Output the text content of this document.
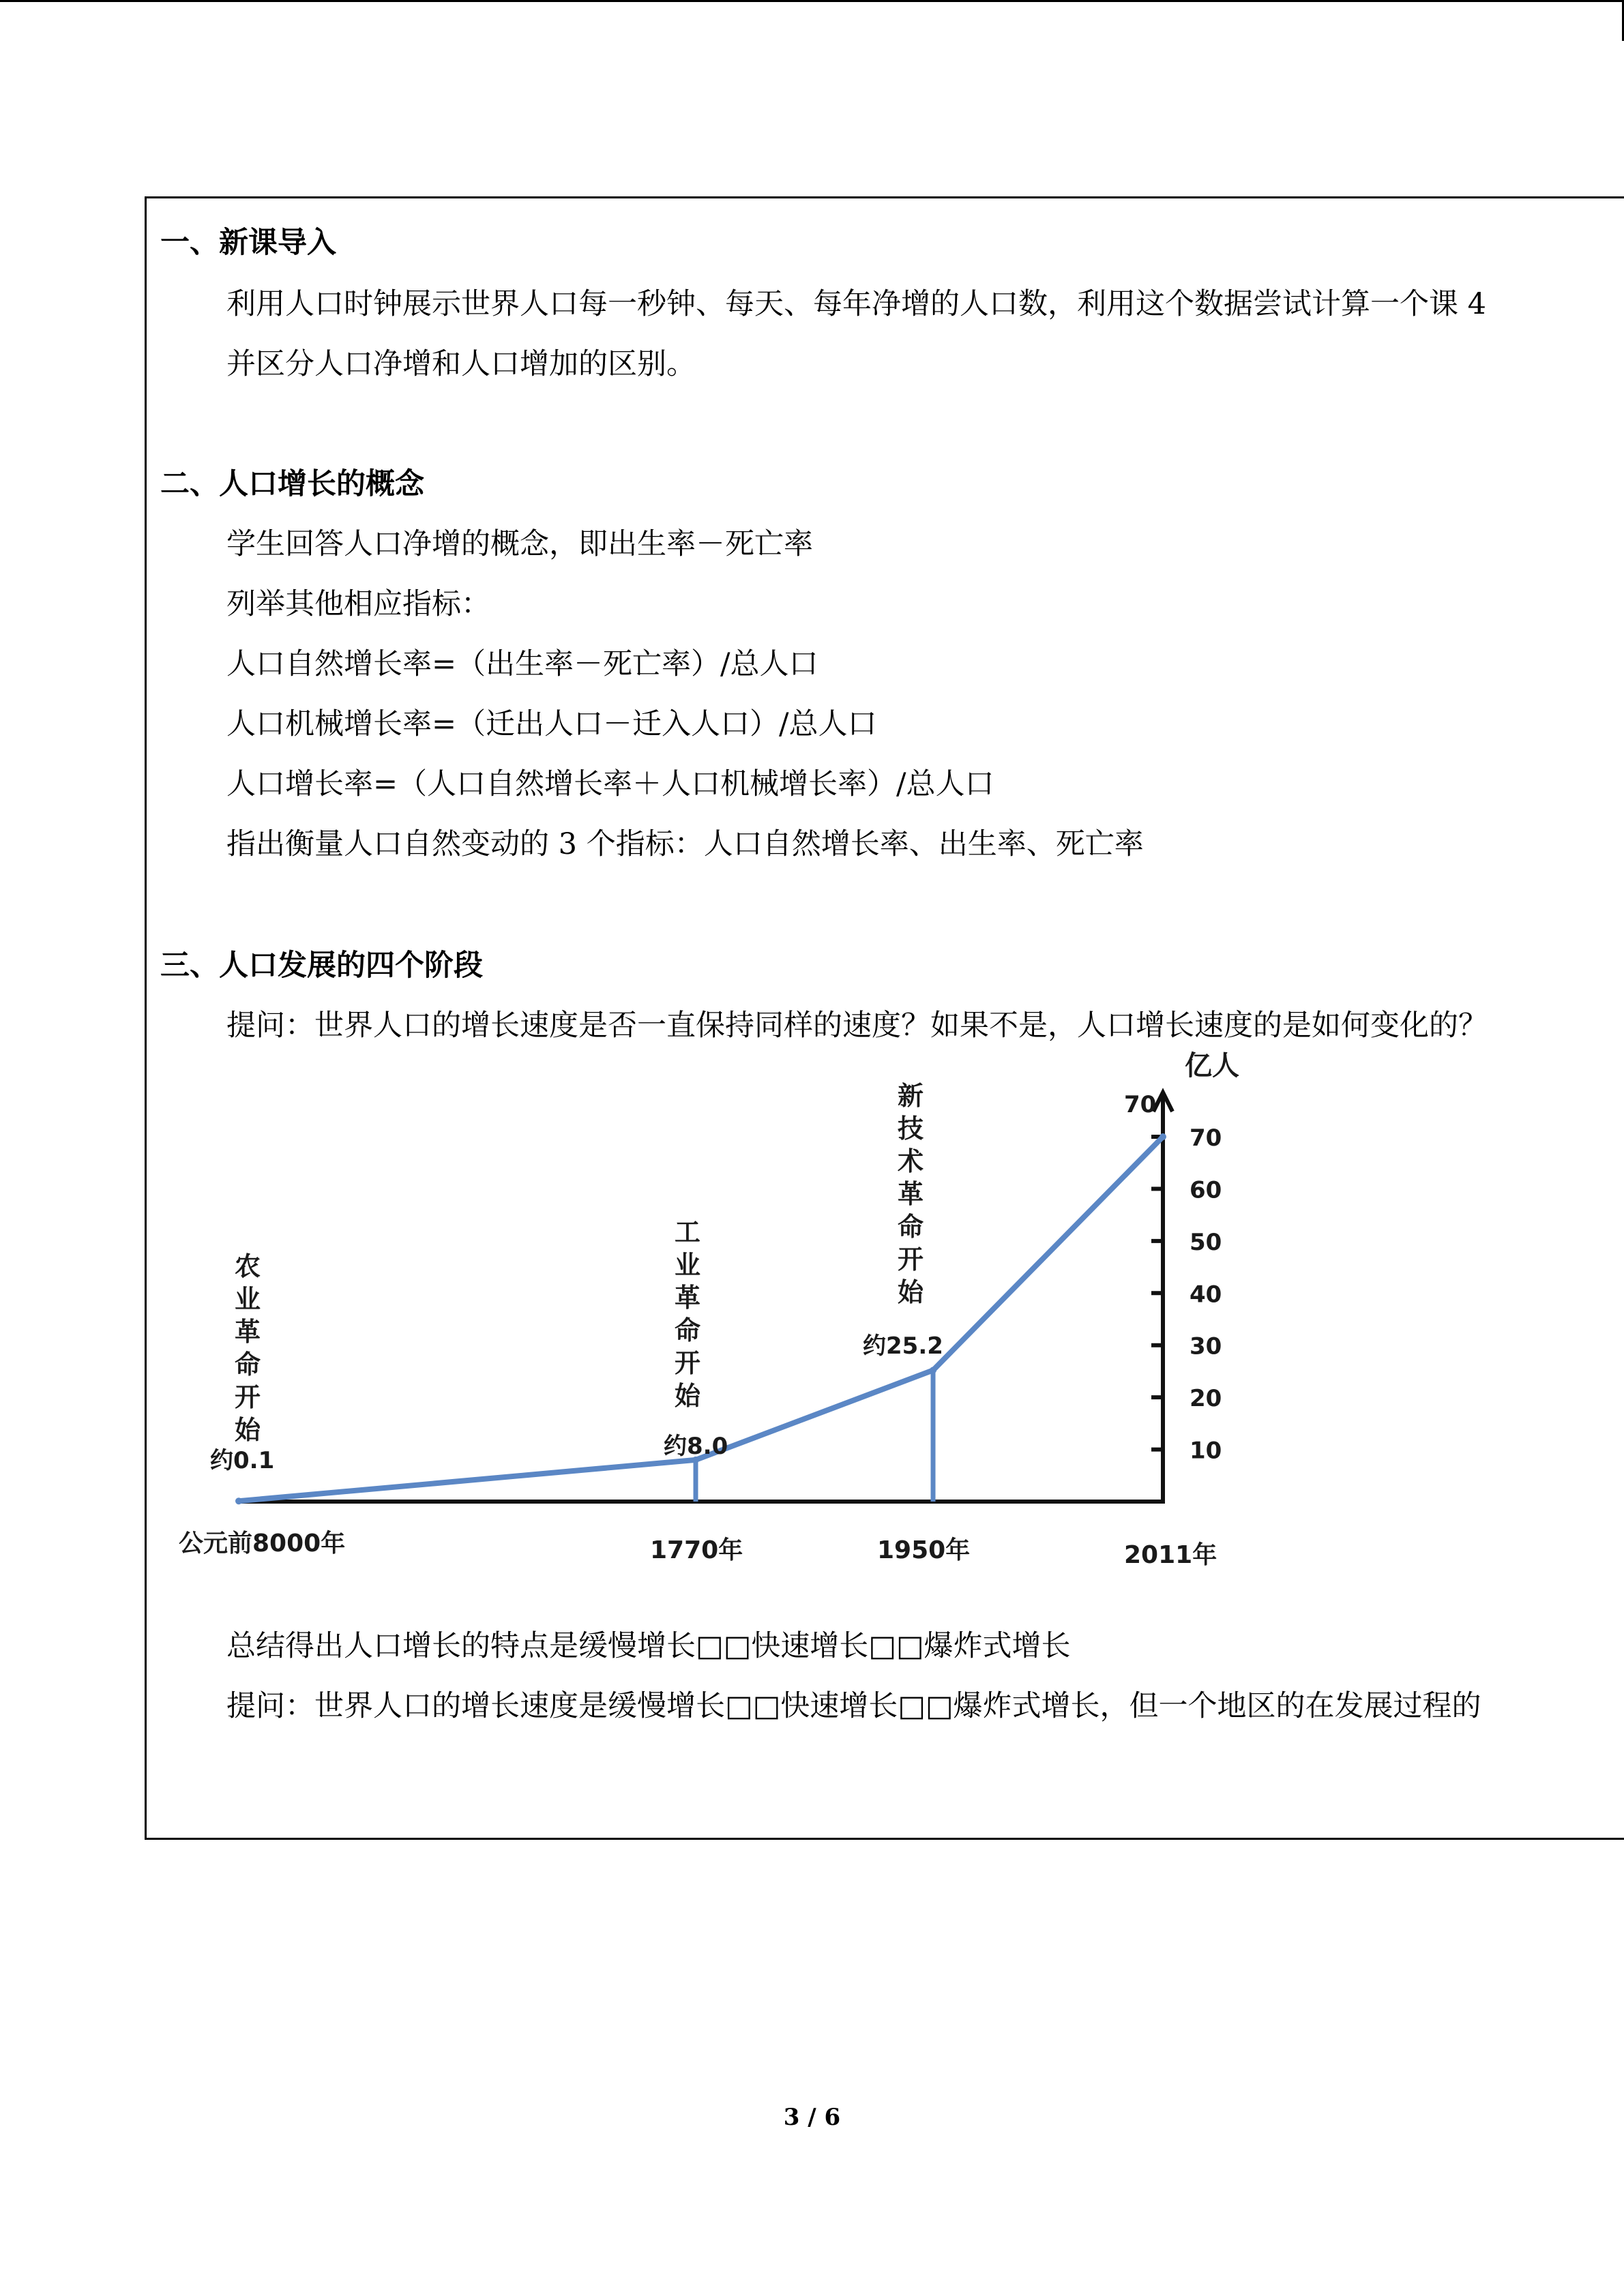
一、新课导入
利用人口时钟展示世界人口每一秒钟、每天、每年净增的人口数，利用这个数据尝试计算一个课 4
并区分人口净增和人口增加的区别。
二、人口增长的概念
学生回答人口净增的概念，即出生率－死亡率
列举其他相应指标：
人口自然增长率=（出生率－死亡率）/总人口
人口机械增长率=（迁出人口－迁入人口）/总人口
人口增长率=（人口自然增长率＋人口机械增长率）/总人口
指出衡量人口自然变动的 3 个指标：人口自然增长率、出生率、死亡率
三、人口发展的四个阶段
提问：世界人口的增长速度是否一直保持同样的速度？如果不是，人口增长速度的是如何变化的？
10
20
30
40
50
60
70
亿人
70
公元前8000年	1770年	1950年	2011年
农
业
革
命
开
始
约0.1
工
业
革
命
开
始
约8.0
新
技
术
革
命
开
始
约25.2
总结得出人口增长的特点是缓慢增长□□快速增长□□爆炸式增长
提问：世界人口的增长速度是缓慢增长□□快速增长□□爆炸式增长，但一个地区的在发展过程的
3 / 6
